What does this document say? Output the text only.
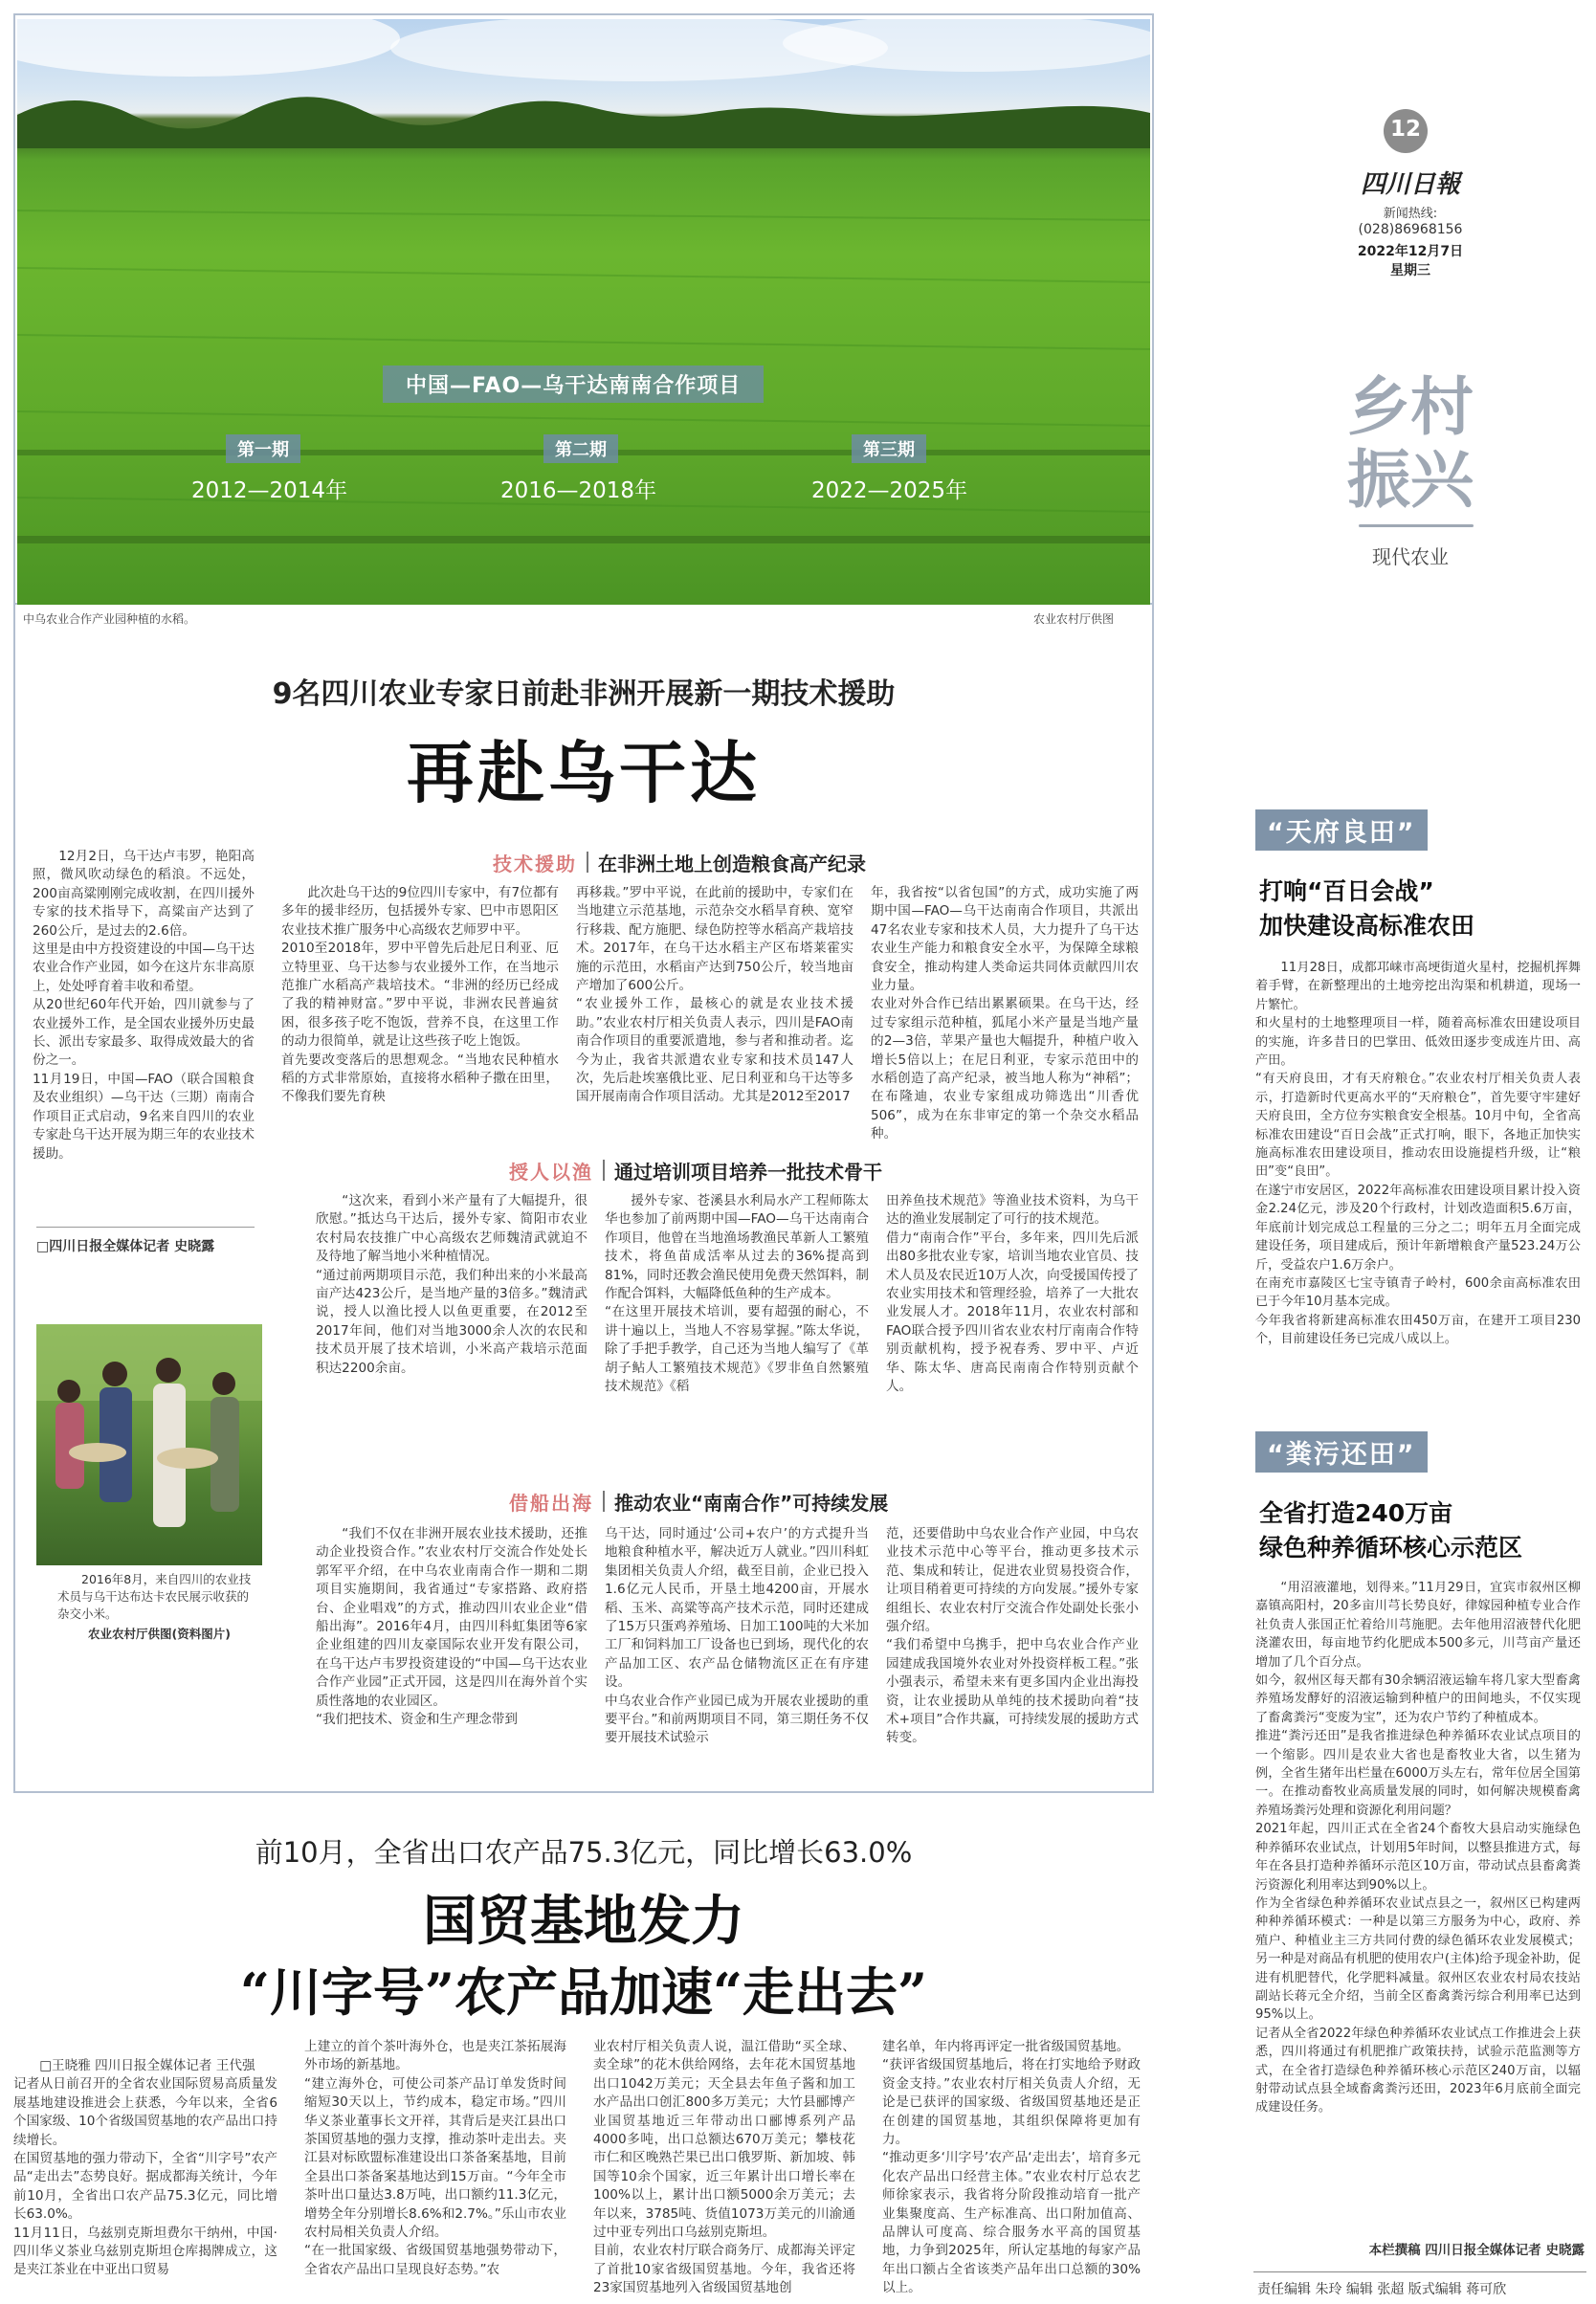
中国—FAO—乌干达南南合作项目
第一期
2012—2014年
第二期
2016—2018年
第三期
2022—2025年
中乌农业合作产业园种植的水稻。	农业农村厅供图
12
四川日報
新闻热线:
(028)86968156
2022年12月7日
星期三
乡村
振兴
现代农业
9名四川农业专家日前赴非洲开展新一期技术援助
再赴乌干达

12月2日，乌干达卢韦罗，艳阳高照，微风吹动绿色的稻浪。不远处，200亩高粱刚刚完成收割，在四川援外专家的技术指导下，高粱亩产达到了260公斤，是过去的2.6倍。
这里是由中方投资建设的中国—乌干达农业合作产业园，如今在这片东非高原上，处处呼育着丰收和希望。
从20世纪60年代开始，四川就参与了农业援外工作，是全国农业援外历史最长、派出专家最多、取得成效最大的省份之一。
11月19日，中国—FAO（联合国粮食及农业组织）—乌干达（三期）南南合作项目正式启动，9名来自四川的农业专家赴乌干达开展为期三年的农业技术援助。

□四川日报全媒体记者 史晓露
2016年8月，来自四川的农业技术员与乌干达布达卡农民展示收获的杂交小米。
农业农村厅供图(资料图片)
技术援助 在非洲土地上创造粮食高产纪录

此次赴乌干达的9位四川专家中，有7位都有多年的援非经历，包括援外专家、巴中市恩阳区农业技术推广服务中心高级农艺师罗中平。
2010至2018年，罗中平曾先后赴尼日利亚、厄立特里亚、乌干达参与农业援外工作，在当地示范推广水稻高产栽培技术。“非洲的经历已经成了我的精神财富。”罗中平说，非洲农民普遍贫困，很多孩子吃不饱饭，营养不良，在这里工作的动力很简单，就是让这些孩子吃上饱饭。
首先要改变落后的思想观念。“当地农民种植水稻的方式非常原始，直接将水稻种子撒在田里，不像我们要先育秧

再移栽。”罗中平说，在此前的援助中，专家们在当地建立示范基地，示范杂交水稻旱育秧、宽窄行移栽、配方施肥、绿色防控等水稻高产栽培技术。2017年，在乌干达水稻主产区布塔莱霍实施的示范田，水稻亩产达到750公斤，较当地亩产增加了600公斤。
“农业援外工作，最核心的就是农业技术援助。”农业农村厅相关负责人表示，四川是FAO南南合作项目的重要派遣地，参与者和推动者。迄今为止，我省共派遣农业专家和技术员147人次，先后赴埃塞俄比亚、尼日利亚和乌干达等多国开展南南合作项目活动。尤其是2012至2017

年，我省按“以省包国”的方式，成功实施了两期中国—FAO—乌干达南南合作项目，共派出47名农业专家和技术人员，大力提升了乌干达农业生产能力和粮食安全水平，为保障全球粮食安全，推动构建人类命运共同体贡献四川农业力量。
农业对外合作已结出累累硕果。在乌干达，经过专家组示范种植，狐尾小米产量是当地产量的2—3倍，苹果产量也大幅提升，种植户收入增长5倍以上；在尼日利亚，专家示范田中的水稻创造了高产纪录，被当地人称为“神稻”；在布隆迪，农业专家组成功筛选出“川香优506”，成为在东非审定的第一个杂交水稻品种。

授人以渔 通过培训项目培养一批技术骨干

“这次来，看到小米产量有了大幅提升，很欣慰。”抵达乌干达后，援外专家、简阳市农业农村局农技推广中心高级农艺师魏清武就迫不及待地了解当地小米种植情况。
“通过前两期项目示范，我们种出来的小米最高亩产达423公斤，是当地产量的3倍多。”魏清武说，授人以渔比授人以鱼更重要，在2012至2017年间，他们对当地3000余人次的农民和技术员开展了技术培训，小米高产栽培示范面积达2200余亩。

援外专家、苍溪县水利局水产工程师陈太华也参加了前两期中国—FAO—乌干达南南合作项目，他曾在当地渔场教渔民革新人工繁殖技术，将鱼苗成活率从过去的36%提高到81%，同时还教会渔民使用免费天然饵料，制作配合饵料，大幅降低鱼种的生产成本。
“在这里开展技术培训，要有超强的耐心，不讲十遍以上，当地人不容易掌握。”陈太华说，除了手把手教学，自己还为当地人编写了《革胡子鲇人工繁殖技术规范》《罗非鱼自然繁殖技术规范》《稻

田养鱼技术规范》等渔业技术资料，为乌干达的渔业发展制定了可行的技术规范。
借力“南南合作”平台，多年来，四川先后派出80多批农业专家，培训当地农业官员、技术人员及农民近10万人次，向受援国传授了农业实用技术和管理经验，培养了一大批农业发展人才。2018年11月，农业农村部和FAO联合授予四川省农业农村厅南南合作特别贡献机构，授予祝春秀、罗中平、卢近华、陈太华、唐高民南南合作特别贡献个人。

借船出海 推动农业“南南合作”可持续发展

“我们不仅在非洲开展农业技术援助，还推动企业投资合作。”农业农村厅交流合作处处长郭军平介绍，在中乌农业南南合作一期和二期项目实施期间，我省通过“专家搭路、政府搭台、企业唱戏”的方式，推动四川农业企业“借船出海”。2016年4月，由四川科虹集团等6家企业组建的四川友豪国际农业开发有限公司，在乌干达卢韦罗投资建设的“中国—乌干达农业合作产业园”正式开园，这是四川在海外首个实质性落地的农业园区。
“我们把技术、资金和生产理念带到

乌干达，同时通过‘公司+农户’的方式提升当地粮食种植水平，解决近万人就业。”四川科虹集团相关负责人介绍，截至目前，企业已投入1.6亿元人民币，开垦土地4200亩，开展水稻、玉米、高粱等高产技术示范，同时还建成了15万只蛋鸡养殖场、日加工100吨的大米加工厂和饲料加工厂设备也已到场，现代化的农产品加工区、农产品仓储物流区正在有序建设。
中乌农业合作产业园已成为开展农业援助的重要平台。”和前两期项目不同，第三期任务不仅要开展技术试验示

范，还要借助中乌农业合作产业园，中乌农业技术示范中心等平台，推动更多技术示范、集成和转让，促进农业贸易投资合作，让项目稍着更可持续的方向发展。”援外专家组组长、农业农村厅交流合作处副处长张小强介绍。
“我们希望中乌携手，把中乌农业合作产业园建成我国境外农业对外投资样板工程。”张小强表示，希望未来有更多国内企业出海投资，让农业援助从单纯的技术援助向着“技术+项目”合作共赢，可持续发展的援助方式转变。

前10月，全省出口农产品75.3亿元，同比增长63.0%
国贸基地发力
“川字号”农产品加速“走出去”

□王晓雅 四川日报全媒体记者 王代强
记者从日前召开的全省农业国际贸易高质量发展基地建设推进会上获悉，今年以来，全省6个国家级、10个省级国贸基地的农产品出口持续增长。
在国贸基地的强力带动下，全省“川字号”农产品“走出去”态势良好。据成都海关统计，今年前10月，全省出口农产品75.3亿元，同比增长63.0%。
11月11日，乌兹别克斯坦费尔干纳州，中国·四川华义茶业乌兹别克斯坦仓库揭牌成立，这是夹江茶业在中亚出口贸易

上建立的首个茶叶海外仓，也是夹江茶拓展海外市场的新基地。
“建立海外仓，可使公司茶产品订单发货时间缩短30天以上，节约成本，稳定市场。”四川华义茶业董事长文开祥，其背后是夹江县出口茶国贸基地的强力支撑，推动茶叶走出去。夹江县对标欧盟标准建设出口茶备案基地，目前全县出口茶备案基地达到15万亩。“今年全市茶叶出口量达3.8万吨，出口额约11.3亿元，增势全年分别增长8.6%和2.7%。”乐山市农业农村局相关负责人介绍。
“在一批国家级、省级国贸基地强势带动下，全省农产品出口呈现良好态势。”农

业农村厅相关负责人说，温江借助“买全球、卖全球”的花木供给网络，去年花木国贸基地出口1042万美元；天全县去年鱼子酱和加工水产品出口创汇800多万美元；大竹县郦博产业国贸基地近三年带动出口郦博系列产品4000多吨，出口总额达670万美元；攀枝花市仁和区晚熟芒果已出口俄罗斯、新加坡、韩国等10余个国家，近三年累计出口增长率在100%以上，累计出口额5000余万美元；去年以来，3785吨、货值1073万美元的川渝通过中亚专列出口乌兹别克斯坦。
目前，农业农村厅联合商务厅、成都海关评定了首批10家省级国贸基地。今年，我省还将23家国贸基地列入省级国贸基地创

建名单，年内将再评定一批省级国贸基地。
“获评省级国贸基地后，将在打实地给予财政资金支持。”农业农村厅相关负责人介绍，无论是已获评的国家级、省级国贸基地还是正在创建的国贸基地，其组织保障将更加有力。
“推动更多‘川字号’农产品‘走出去’，培育多元化农产品出口经营主体。”农业农村厅总农艺师徐家表示，我省将分阶段推动培育一批产业集聚度高、生产标准高、出口附加值高、品牌认可度高、综合服务水平高的国贸基地，力争到2025年，所认定基地的每家产品年出口额占全省该类产品年出口总额的30%以上。

“天府良田”
打响“百日会战”
加快建设高标准农田

11月28日，成都邛崃市高埂街道火星村，挖掘机挥舞着手臂，在新整理出的土地旁挖出沟渠和机耕道，现场一片繁忙。
和火星村的土地整理项目一样，随着高标准农田建设项目的实施，许多昔日的巴掌田、低效田逐步变成连片田、高产田。
“有天府良田，才有天府粮仓。”农业农村厅相关负责人表示，打造新时代更高水平的“天府粮仓”，首先要守牢建好天府良田，全方位夯实粮食安全根基。10月中旬，全省高标准农田建设“百日会战”正式打响，眼下，各地正加快实施高标准农田建设项目，推动农田设施提档升级，让“粮田”变“良田”。
在遂宁市安居区，2022年高标准农田建设项目累计投入资金2.24亿元，涉及20个行政村，计划改造面积5.6万亩，年底前计划完成总工程量的三分之二；明年五月全面完成建设任务，项目建成后，预计年新增粮食产量523.24万公斤，受益农户1.6万余户。
在南充市嘉陵区七宝寺镇青子岭村，600余亩高标准农田已于今年10月基本完成。
今年我省将新建高标准农田450万亩，在建开工项目230个，目前建设任务已完成八成以上。

“粪污还田”
全省打造240万亩
绿色种养循环核心示范区

“用沼液灌地，划得来。”11月29日，宜宾市叙州区柳嘉镇高阳村，20多亩川芎长势良好，律嫁园种植专业合作社负责人张国正忙着给川芎施肥。去年他用沼液替代化肥浇灌农田，每亩地节约化肥成本500多元，川芎亩产量还增加了几个百分点。
如今，叙州区每天都有30余辆沼液运输车将几家大型畜禽养殖场发酵好的沼液运输到种植户的田间地头，不仅实现了畜禽粪污“变废为宝”，还为农户节约了种植成本。
推进“粪污还田”是我省推进绿色种养循环农业试点项目的一个缩影。四川是农业大省也是畜牧业大省，以生猪为例，全省生猪年出栏量在6000万头左右，常年位居全国第一。在推动畜牧业高质量发展的同时，如何解决规模畜禽养殖场粪污处理和资源化利用问题？
2021年起，四川正式在全省24个畜牧大县启动实施绿色种养循环农业试点，计划用5年时间，以整县推进方式，每年在各县打造种养循环示范区10万亩，带动试点县畜禽粪污资源化利用率达到90%以上。
作为全省绿色种养循环农业试点县之一，叙州区已构建两种种养循环模式：一种是以第三方服务为中心，政府、养殖户、种植业主三方共同付费的绿色循环农业发展模式；另一种是对商品有机肥的使用农户(主体)给予现金补助，促进有机肥替代，化学肥料减量。叙州区农业农村局农技站副站长蒋元全介绍，当前全区畜禽粪污综合利用率已达到95%以上。
记者从全省2022年绿色种养循环农业试点工作推进会上获悉，四川将通过有机肥推广政策扶持，试验示范监测等方式，在全省打造绿色种养循环核心示范区240万亩，以辐射带动试点县全域畜禽粪污还田，2023年6月底前全面完成建设任务。

本栏撰稿 四川日报全媒体记者 史晓露
责任编辑 朱玲 编辑 张超 版式编辑 蒋可欣
